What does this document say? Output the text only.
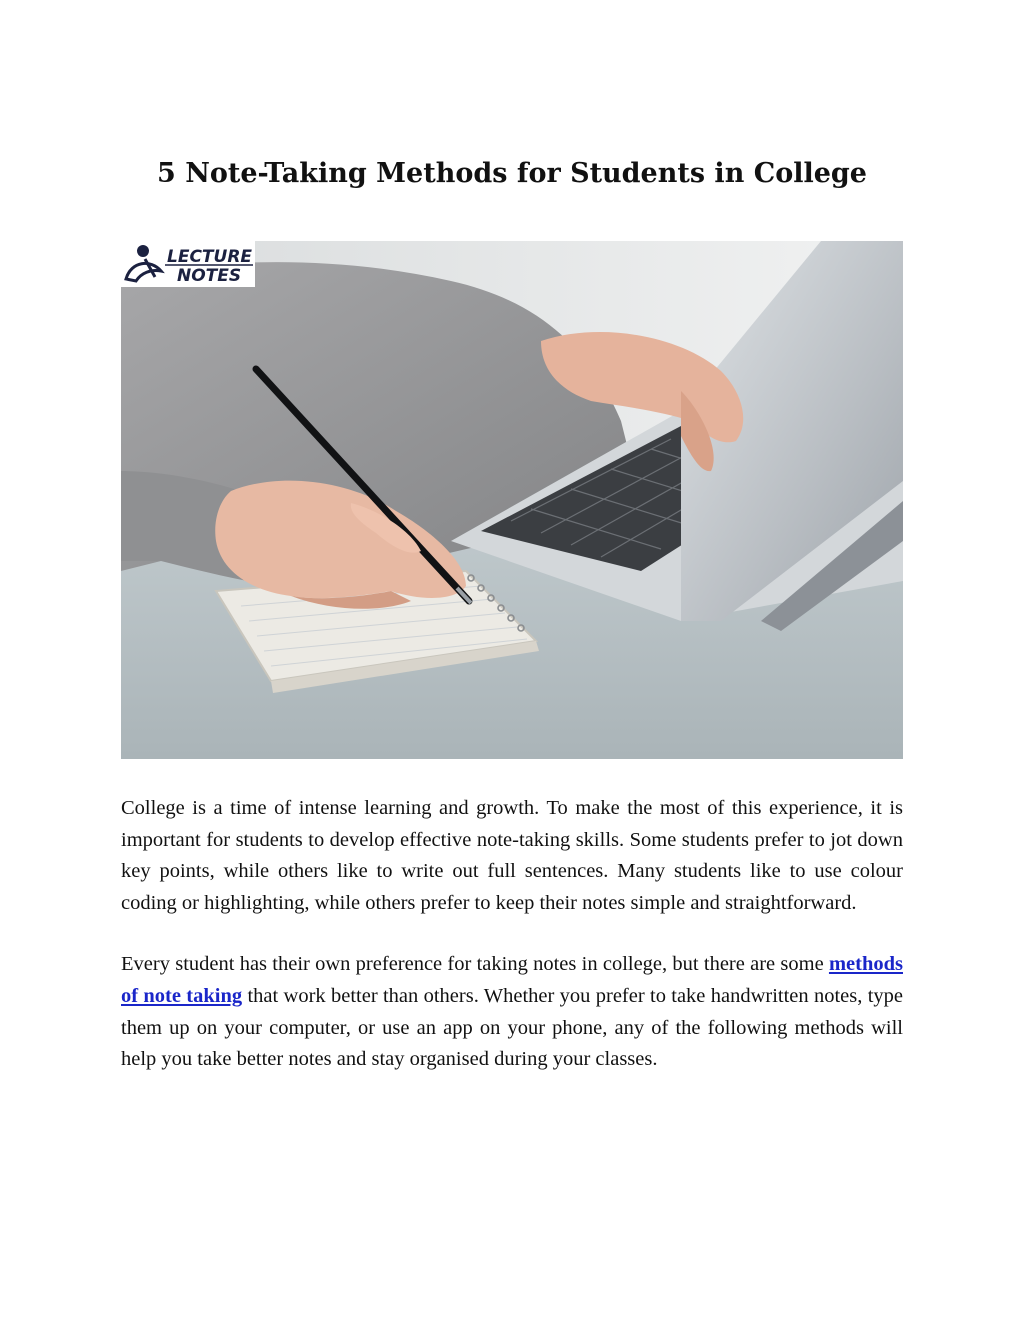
5 Note-Taking Methods for Students in College
LECTURE
NOTES

College is a time of intense learning and growth. To make the most of this experience, it is important for students to develop effective note-taking skills. Some students prefer to jot down key points, while others like to write out full sentences. Many students like to use colour coding or highlighting, while others prefer to keep their notes simple and straightforward.

Every student has their own preference for taking notes in college, but there are some methods of note taking that work better than others. Whether you prefer to take handwritten notes, type them up on your computer, or use an app on your phone, any of the following methods will help you take better notes and stay organised during your classes.
